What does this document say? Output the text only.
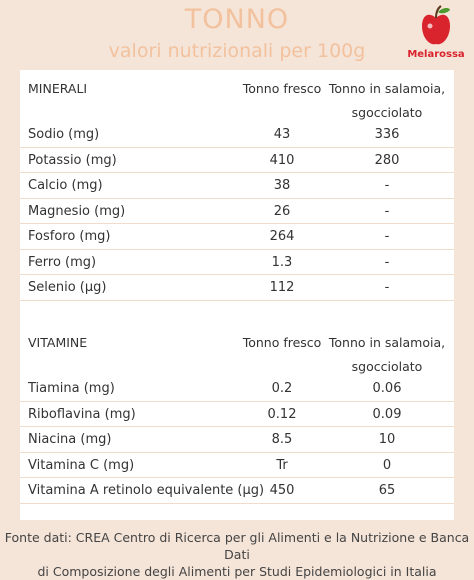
TONNO
valori nutrizionali per 100g	Melarossa
MINERALI	Tonno fresco Tonno in salamoia,
sgocciolato
Sodio (mg)	43	336
Potassio (mg)	410	280
Calcio (mg)	38	-
Magnesio (mg)	26	-
Fosforo (mg)	264	-
Ferro (mg)	1.3	-
Selenio (µg)	112	-
VITAMINE	Tonno fresco Tonno in salamoia,
sgocciolato
Tiamina (mg)	0.2	0.06
Riboflavina (mg)	0.12	0.09
Niacina (mg)	8.5	10
Vitamina C (mg)	Tr	0
Vitamina A retinolo equivalente (µg) 450	65
Fonte dati: CREA Centro di Ricerca per gli Alimenti e la Nutrizione e Banca Dati
di Composizione degli Alimenti per Studi Epidemiologici in Italia
